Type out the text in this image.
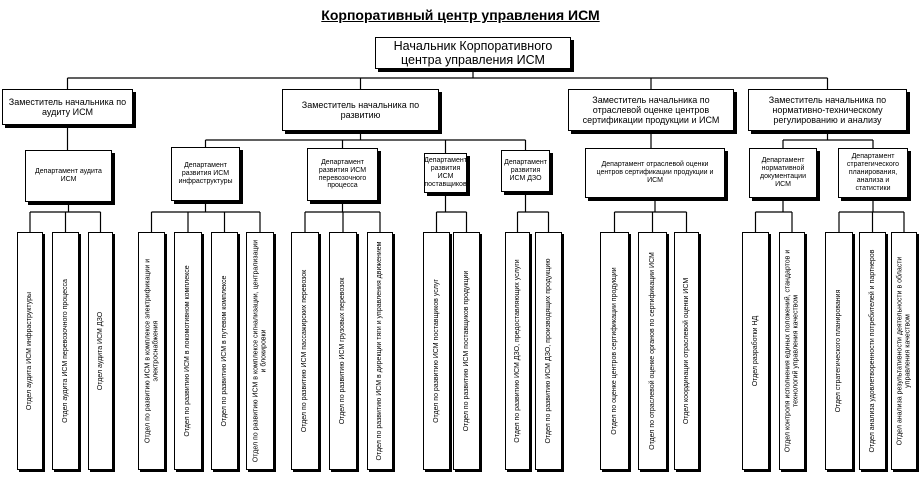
Корпоративный центр управления ИСМ
Начальник Корпоративного центра управления ИСМ
Заместитель начальника по аудиту ИСМ
Заместитель начальника по развитию
Заместитель начальника по отраслевой оценке центров сертификации продукции и ИСМ
Заместитель начальника по нормативно-техническому регулированию и анализу
Департамент аудита ИСМ
Департамент развития ИСМ инфраструктуры
Департамент развития ИСМ перевозочного процесса
Департамент развития ИСМ поставщиков
Департамент развития ИСМ ДЗО
Департамент отраслевой оценки центров сертификации продукции и ИСМ
Департамент нормативной документации ИСМ
Департамент стратегического планирования, анализа и статистики
Отдел аудита ИСМ инфраструктуры	Отдел аудита ИСМ перевозочного процесса	Отдел аудита ИСМ ДЗО	Отдел по развитию ИСМ в комплексе электрификации и электроснабжения	Отдел по развитию ИСМ в локомотивном комплексе	Отдел по развитию ИСМ в путевом комплексе	Отдел по развитию ИСМ в комплексе сигнализации, централизации и блокировки	Отдел по развитию ИСМ пассажирских перевозок	Отдел по развитию ИСМ грузовых перевозок	Отдел по развитию ИСМ в дирекции тяги и управления движением	Отдел по развитию ИСМ поставщиков услуг	Отдел по развитию ИСМ поставщиков продукции	Отдел по развитию ИСМ ДЗО, предоставляющих услуги	Отдел по развитию ИСМ ДЗО, производящих продукцию	Отдел по оценке центров сертификации продукции	Отдел по отраслевой оценке органов по сертификации ИСМ	Отдел координации отраслевой оценки ИСМ	Отдел разработки НД	Отдел контроля исполнения единых положений, стандартов и технологий управления качеством	Отдел стратегического планирования	Отдел анализа удовлетворенности потребителей и партнеров	Отдел анализа результативности деятельности в области управления качеством
